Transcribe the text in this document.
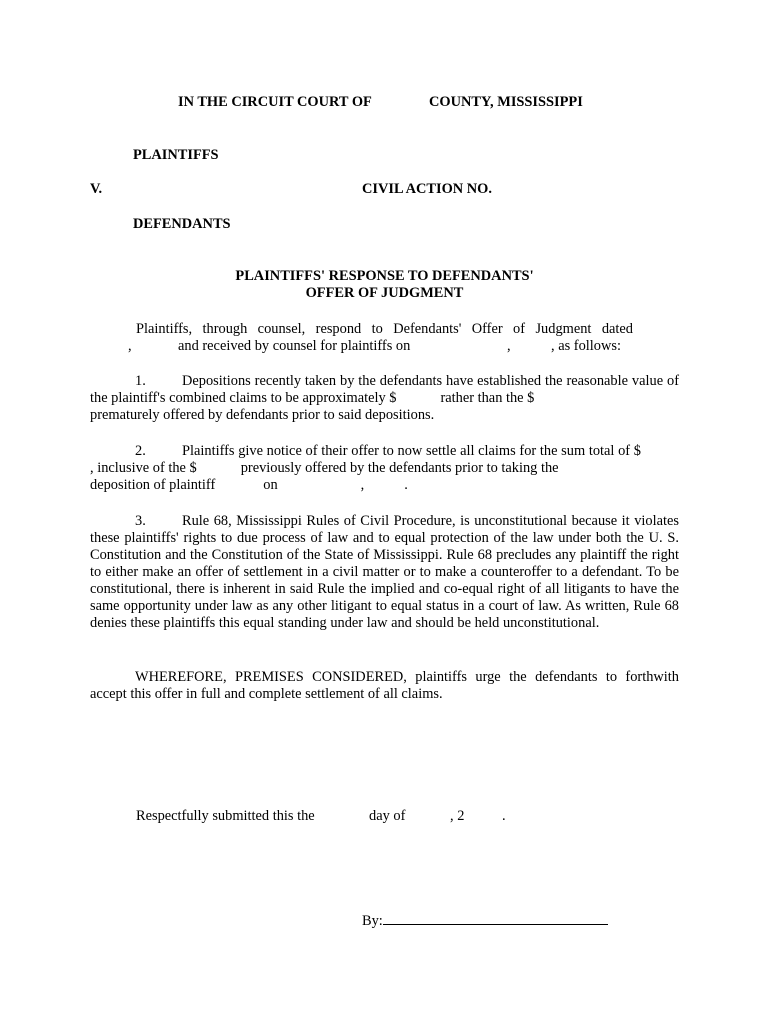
IN THE CIRCUIT COURT OF	COUNTY, MISSISSIPPI
PLAINTIFFS
V.	CIVIL ACTION NO.
DEFENDANTS
PLAINTIFFS' RESPONSE TO DEFENDANTS'
OFFER OF JUDGMENT
Plaintiffs, through counsel, respond to Defendants' Offer of Judgment dated
,	and received by counsel for plaintiffs on	,	, as follows:

1.	Depositions recently taken by the defendants have established the reasonable value of the plaintiff's combined claims to be approximately $	rather than the $

prematurely offered by defendants prior to said depositions.

2.	Plaintiffs give notice of their offer to now settle all claims for the sum total of $, inclusive of the $	previously offered by the defendants prior to taking the

deposition of plaintiff	on	,	.

3.	Rule 68, Mississippi Rules of Civil Procedure, is unconstitutional because it violates these plaintiffs' rights to due process of law and to equal protection of the law under both the U. S. Constitution and the Constitution of the State of Mississippi. Rule 68 precludes any plaintiff the right to either make an offer of settlement in a civil matter or to make a counteroffer to a defendant. To be constitutional, there is inherent in said Rule the implied and co-equal right of all litigants to have the same opportunity under law as any other litigant to equal status in a court of law. As written, Rule 68 denies these plaintiffs this equal standing under law and should be held unconstitutional.

WHEREFORE, PREMISES CONSIDERED, plaintiffs urge the defendants to forthwith accept this offer in full and complete settlement of all claims.

Respectfully submitted this the	day of	, 2	.
By:
